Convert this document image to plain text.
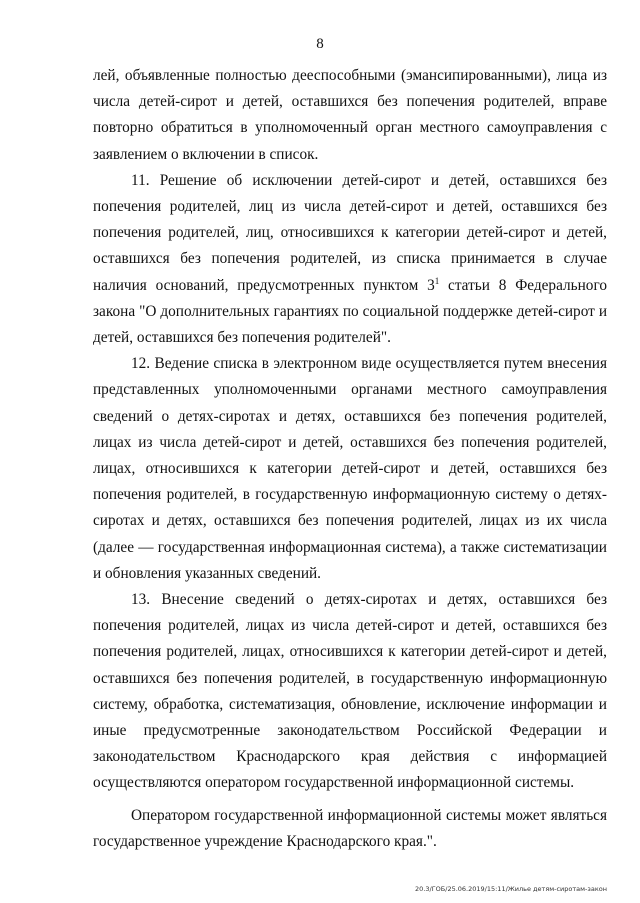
8

лей, объявленные полностью дееспособными (эмансипированными), лица из числа детей-сирот и детей, оставшихся без попечения родителей, вправе повторно обратиться в уполномоченный орган местного самоуправления с заявлением о включении в список.

11. Решение об исключении детей-сирот и детей, оставшихся без попечения родителей, лиц из числа детей-сирот и детей, оставшихся без попечения родителей, лиц, относившихся к категории детей-сирот и детей, оставшихся без попечения родителей, из списка принимается в случае наличия оснований, предусмотренных пунктом $3^1$ статьи 8 Федерального закона "О дополнительных гарантиях по социальной поддержке детей-сирот и детей, оставшихся без попечения родителей".

12. Ведение списка в электронном виде осуществляется путем внесения представленных уполномоченными органами местного самоуправления сведений о детях-сиротах и детях, оставшихся без попечения родителей, лицах из числа детей-сирот и детей, оставшихся без попечения родителей, лицах, относившихся к категории детей-сирот и детей, оставшихся без попечения родителей, в государственную информационную систему о детях-сиротах и детях, оставшихся без попечения родителей, лицах из их числа (далее — государственная информационная система), а также систематизации и обновления указанных сведений.

13. Внесение сведений о детях-сиротах и детях, оставшихся без попечения родителей, лицах из числа детей-сирот и детей, оставшихся без попечения родителей, лицах, относившихся к категории детей-сирот и детей, оставшихся без попечения родителей, в государственную информационную систему, обработка, систематизация, обновление, исключение информации и иные предусмотренные законодательством Российской Федерации и законодательством Краснодарского края действия с информацией осуществляются оператором государственной информационной системы.

Оператором государственной информационной системы может являться государственное учреждение Краснодарского края.".

20.3/ГОБ/25.06.2019/15:11/Жилье детям-сиротам-закон
